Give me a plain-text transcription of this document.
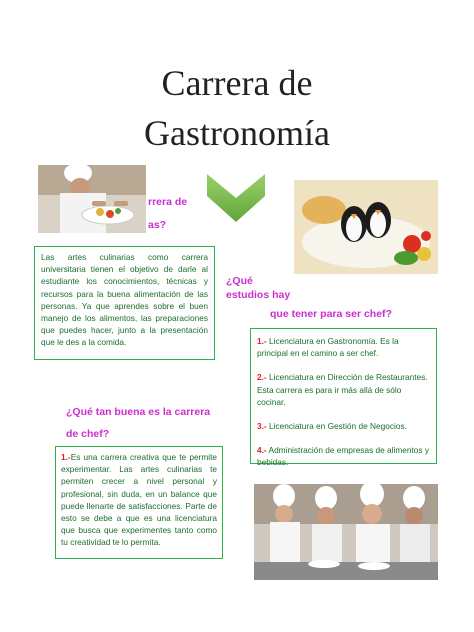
Carrera de
Gastronomía
rrera de
as?
Las artes culinarias como carrera universitaria tienen el objetivo de darle al estudiante los conocimientos, técnicas y recursos para la buena alimentación de las personas. Ya que aprendes sobre el buen manejo de los alimentos, las preparaciones que puedes hacer, junto a la presentación que le des a la comida.
¿Qué
estudios hay
que tener para ser chef?
1.- Licenciatura en Gastronomía. Es la principal en el camino a ser chef.
2.- Licenciatura en Dirección de Restaurantes. Esta carrera es para ir más allá de sólo cocinar.
3.- Licenciatura en Gestión de Negocios.
4.- Administración de empresas de alimentos y bebidas.
¿Qué tan buena es la carrera
de chef?
1.-Es una carrera creativa que te permite experimentar. Las artes culinarias te permiten crecer a nivel personal y profesional, sin duda, en un balance que puede llenarte de satisfacciones. Parte de esto se debe a que es una licenciatura que busca que experimentes tanto como tu creatividad te lo permita.
